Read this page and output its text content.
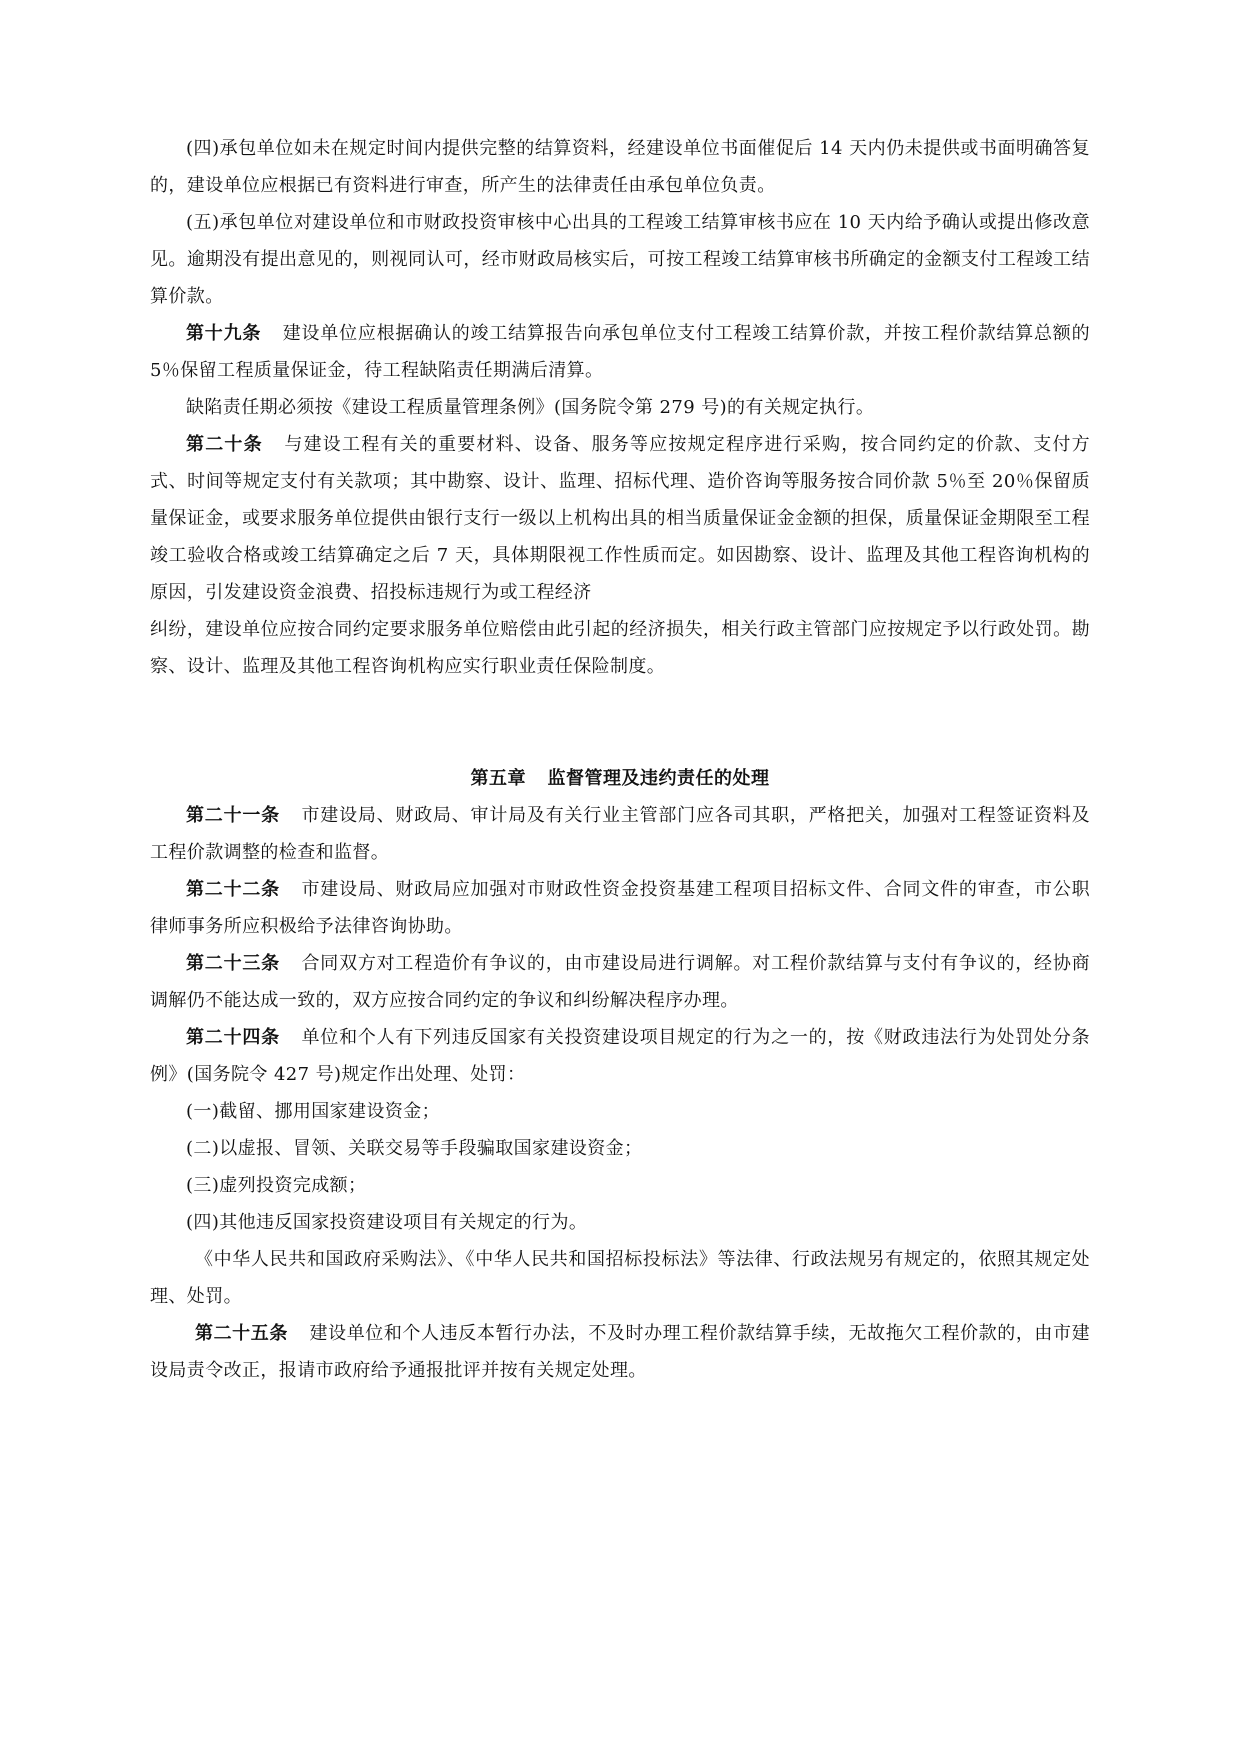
(四)承包单位如未在规定时间内提供完整的结算资料，经建设单位书面催促后 14 天内仍未提供或书面明确答复的，建设单位应根据已有资料进行审查，所产生的法律责任由承包单位负责。

(五)承包单位对建设单位和市财政投资审核中心出具的工程竣工结算审核书应在 10 天内给予确认或提出修改意见。逾期没有提出意见的，则视同认可，经市财政局核实后，可按工程竣工结算审核书所确定的金额支付工程竣工结算价款。

第十九条 建设单位应根据确认的竣工结算报告向承包单位支付工程竣工结算价款，并按工程价款结算总额的 5％保留工程质量保证金，待工程缺陷责任期满后清算。

缺陷责任期必须按《建设工程质量管理条例》(国务院令第 279 号)的有关规定执行。

第二十条 与建设工程有关的重要材料、设备、服务等应按规定程序进行采购，按合同约定的价款、支付方式、时间等规定支付有关款项；其中勘察、设计、监理、招标代理、造价咨询等服务按合同价款 5％至 20％保留质量保证金，或要求服务单位提供由银行支行一级以上机构出具的相当质量保证金金额的担保，质量保证金期限至工程竣工验收合格或竣工结算确定之后 7 天，具体期限视工作性质而定。如因勘察、设计、监理及其他工程咨询机构的原因，引发建设资金浪费、招投标违规行为或工程经济

纠纷，建设单位应按合同约定要求服务单位赔偿由此引起的经济损失，相关行政主管部门应按规定予以行政处罚。勘察、设计、监理及其他工程咨询机构应实行职业责任保险制度。

第五章 监督管理及违约责任的处理

第二十一条 市建设局、财政局、审计局及有关行业主管部门应各司其职，严格把关，加强对工程签证资料及工程价款调整的检查和监督。

第二十二条 市建设局、财政局应加强对市财政性资金投资基建工程项目招标文件、合同文件的审查，市公职律师事务所应积极给予法律咨询协助。

第二十三条 合同双方对工程造价有争议的，由市建设局进行调解。对工程价款结算与支付有争议的，经协商调解仍不能达成一致的，双方应按合同约定的争议和纠纷解决程序办理。

第二十四条 单位和个人有下列违反国家有关投资建设项目规定的行为之一的，按《财政违法行为处罚处分条例》(国务院令 427 号)规定作出处理、处罚：

(一)截留、挪用国家建设资金；

(二)以虚报、冒领、关联交易等手段骗取国家建设资金；

(三)虚列投资完成额；

(四)其他违反国家投资建设项目有关规定的行为。

《中华人民共和国政府采购法》、《中华人民共和国招标投标法》等法律、行政法规另有规定的，依照其规定处理、处罚。

第二十五条 建设单位和个人违反本暂行办法，不及时办理工程价款结算手续，无故拖欠工程价款的，由市建设局责令改正，报请市政府给予通报批评并按有关规定处理。
